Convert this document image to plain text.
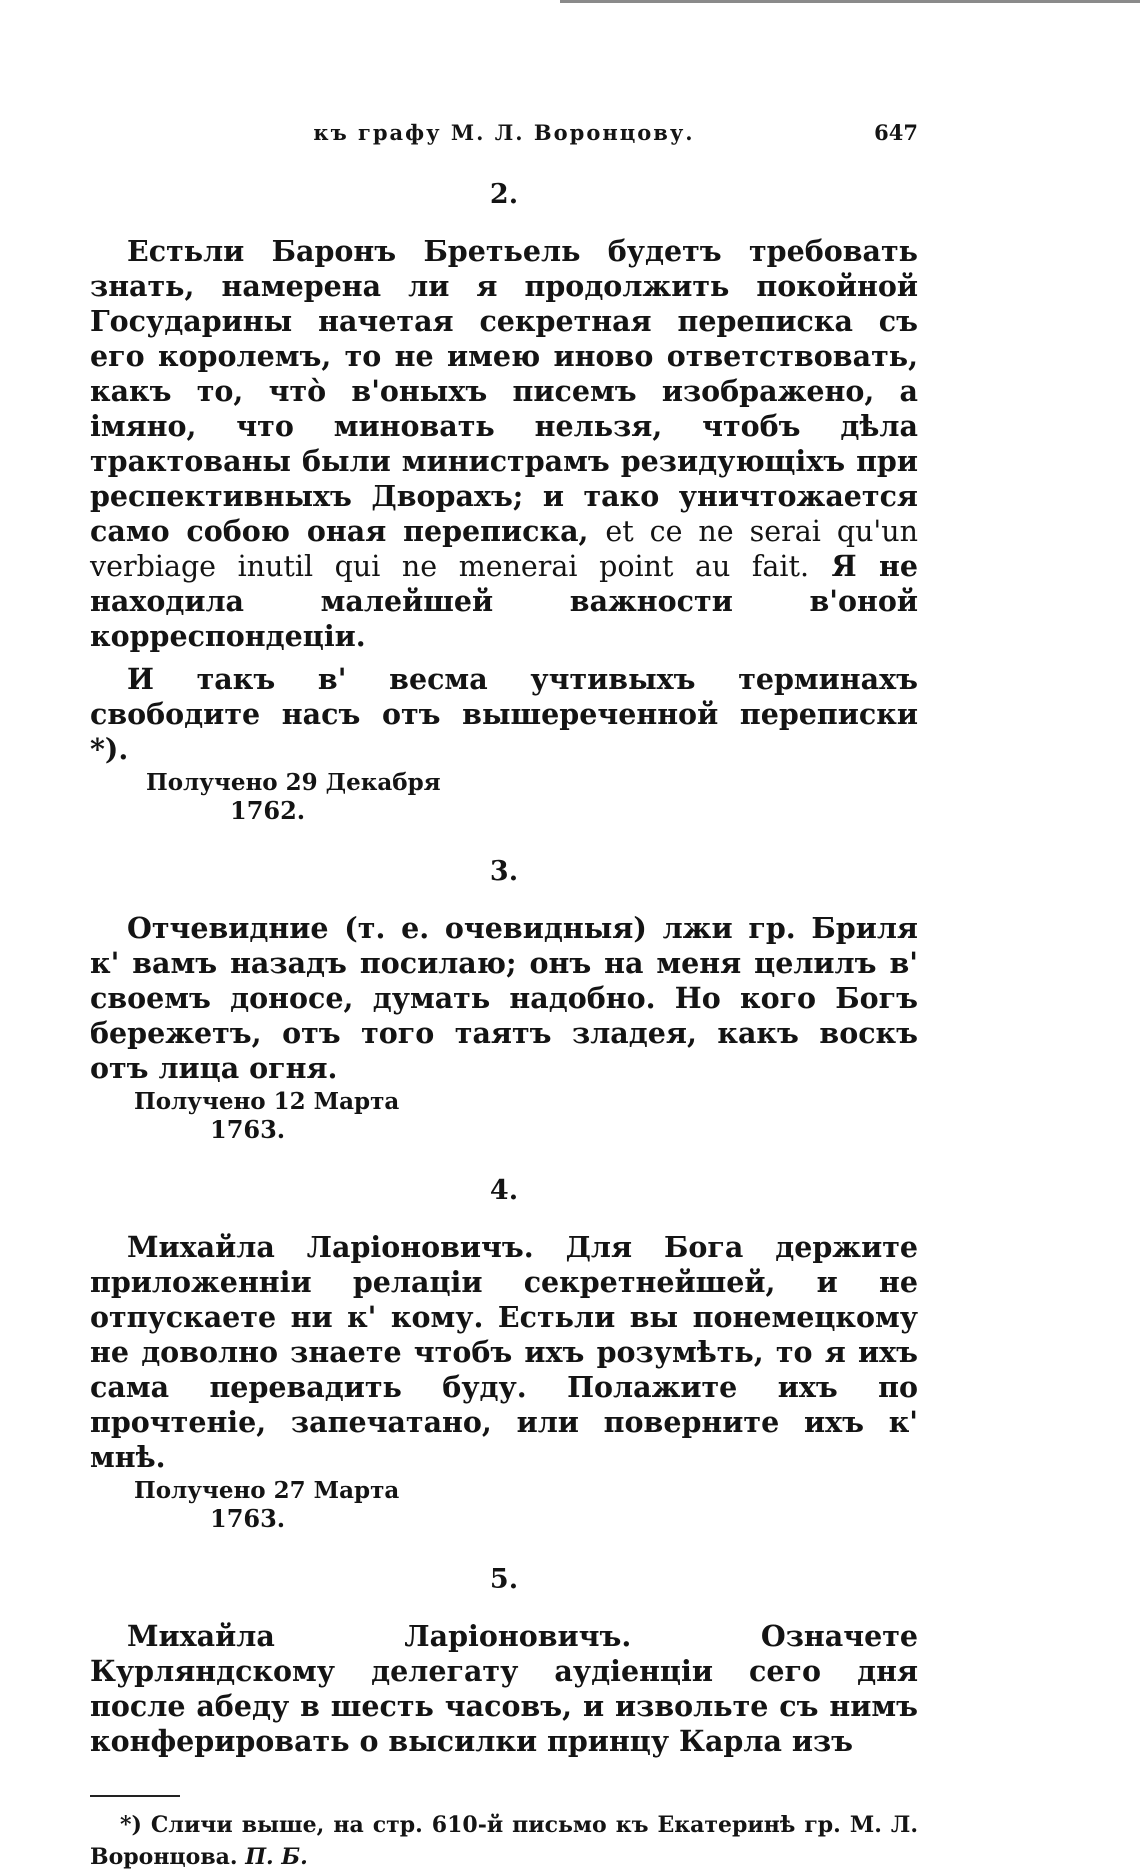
къ графу М. Л. Воронцову.	647
2.

Естьли Баронъ Бретьель будетъ требовать знать, намерена ли я продолжить покойной Государины начетая секретная переписка съ его королемъ, то не имею иново ответствовать, какъ то, чтò в'оныхъ писемъ изображено, а імяно, что миновать нельзя, чтобъ дѣла трактованы были министрамъ резидующіхъ при респективныхъ Дворахъ; и тако уничтожается само собою оная переписка, et ce ne serai qu'un verbiage inutil qui ne menerai point au fait. Я не находила малейшей важности в'оной корреспондеціи.

И такъ в' весма учтивыхъ терминахъ свободите насъ отъ вышереченной переписки *).

Получено 29 Декабря
1762.
3.

Отчевидние (т. е. очевидныя) лжи гр. Бриля к' вамъ назадъ посилаю; онъ на меня целилъ в' своемъ доносе, думать надобно. Но кого Богъ бережетъ, отъ того таятъ зладея, какъ воскъ отъ лица огня.

Получено 12 Марта
1763.
4.

Михайла Ларіоновичъ. Для Бога держите приложенніи релаціи секретнейшей, и не отпускаете ни к' кому. Естьли вы понемецкому не доволно знаете чтобъ ихъ розумѣть, то я ихъ сама перевадить буду. Полажите ихъ по прочтеніе, запечатано, или поверните ихъ к' мнѣ.

Получено 27 Марта
1763.
5.

Михайла Ларіоновичъ. Означете Курляндскому делегату аудіенціи сего дня после абеду в шесть часовъ, и извольте съ нимъ конферировать о высилки принцу Карла изъ

*) Сличи выше, на стр. 610-й письмо къ Екатеринѣ гр. М. Л. Воронцова. П. Б.
